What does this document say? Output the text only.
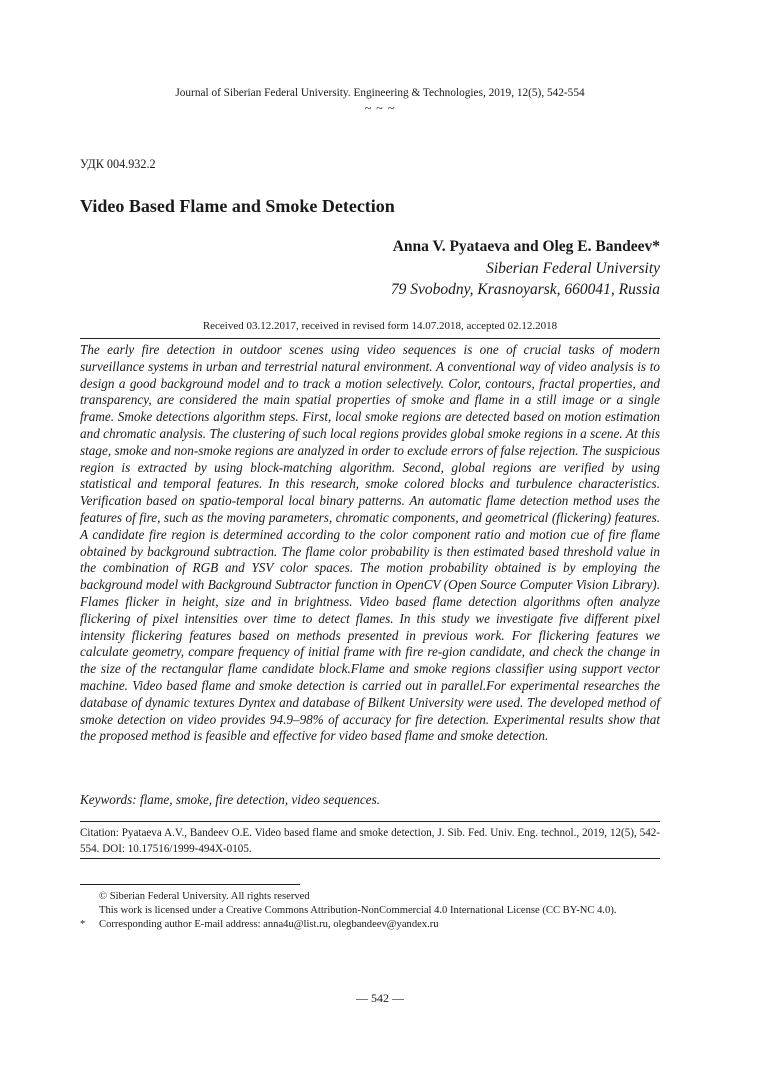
Journal of Siberian Federal University. Engineering & Technologies, 2019, 12(5), 542-554
~ ~ ~
УДК 004.932.2
Video Based Flame and Smoke Detection
Anna V. Pyataeva and Oleg E. Bandeev*
Siberian Federal University
79 Svobodny, Krasnoyarsk, 660041, Russia
Received 03.12.2017, received in revised form 14.07.2018, accepted 02.12.2018

The early fire detection in outdoor scenes using video sequences is one of crucial tasks of modern surveillance systems in urban and terrestrial natural environment. A conventional way of video analysis is to design a good background model and to track a motion selectively. Color, contours, fractal properties, and transparency, are considered the main spatial properties of smoke and flame in a still image or a single frame. Smoke detections algorithm steps. First, local smoke regions are detected based on motion estimation and chromatic analysis. The clustering of such local regions provides global smoke regions in a scene. At this stage, smoke and non-smoke regions are analyzed in order to exclude errors of false rejection. The suspicious region is extracted by using block-matching algorithm. Second, global regions are verified by using statistical and temporal features. In this research, smoke colored blocks and turbulence characteristics. Verification based on spatio-temporal local binary patterns. An automatic flame detection method uses the features of fire, such as the moving parameters, chromatic components, and geometrical (flickering) features. A candidate fire region is determined according to the color component ratio and motion cue of fire flame obtained by background subtraction. The flame color probability is then estimated based threshold value in the combination of RGB and YSV color spaces. The motion probability obtained is by employing the background model with Background Subtractor function in OpenCV (Open Source Computer Vision Library). Flames flicker in height, size and in brightness. Video based flame detection algorithms often analyze flickering of pixel intensities over time to detect flames. In this study we investigate five different pixel intensity flickering features based on methods presented in previous work. For flickering features we calculate geometry, compare frequency of initial frame with fire re-gion candidate, and check the change in the size of the rectangular flame candidate block.Flame and smoke regions classifier using support vector machine. Video based flame and smoke detection is carried out in parallel.For experimental researches the database of dynamic textures Dyntex and database of Bilkent University were used. The developed method of smoke detection on video provides 94.9–98% of accuracy for fire detection. Experimental results show that the proposed method is feasible and effective for video based flame and smoke detection.

Keywords: flame, smoke, fire detection, video sequences.
Citation: Pyataeva A.V., Bandeev O.E. Video based flame and smoke detection, J. Sib. Fed. Univ. Eng. technol., 2019, 12(5), 542-554. DOI: 10.17516/1999-494X-0105.
© Siberian Federal University. All rights reserved
This work is licensed under a Creative Commons Attribution-NonCommercial 4.0 International License (CC BY-NC 4.0).
* Corresponding author E-mail address: anna4u@list.ru, olegbandeev@yandex.ru
— 542 —
